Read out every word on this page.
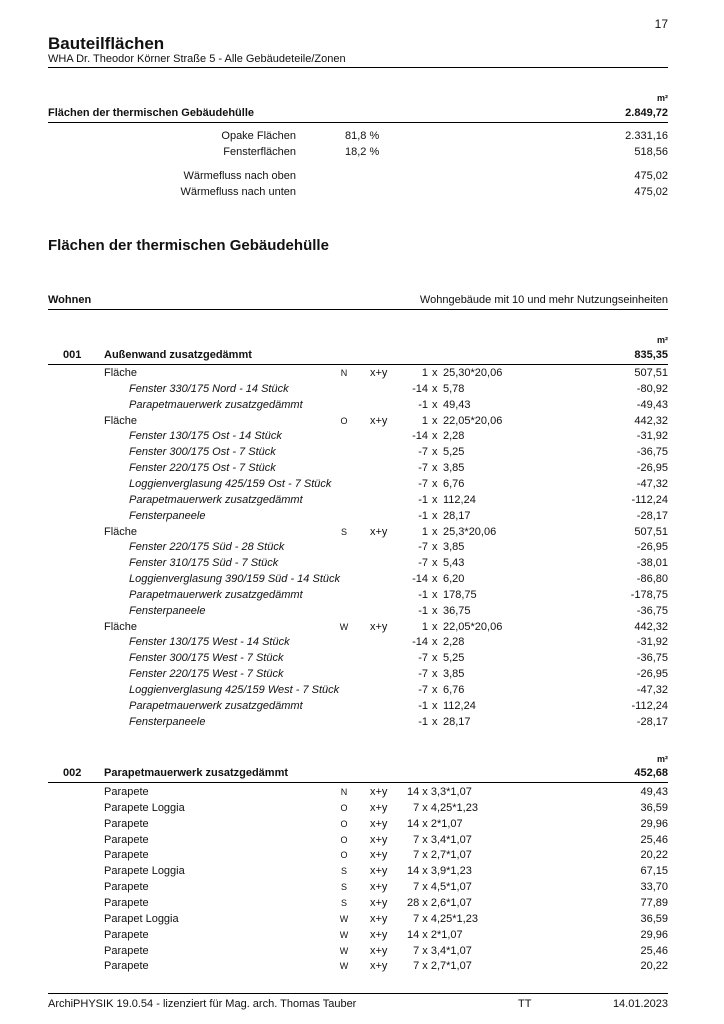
17
Bauteilflächen
WHA Dr. Theodor Körner Straße 5 - Alle Gebäudeteile/Zonen
m²
Flächen der thermischen Gebäudehülle	2.849,72
Opake Flächen	81,8 %	2.331,16
Fensterflächen	18,2 %	518,56
Wärmefluss nach oben	475,02
Wärmefluss nach unten	475,02
Flächen der thermischen Gebäudehülle
Wohnen	Wohngebäude mit 10 und mehr Nutzungseinheiten
m²
001 Außenwand zusatzgedämmt	835,35
Fläche	N x+y	1 x 25,30*20,06	507,51
Fenster 330/175 Nord - 14 Stück	-14 x 5,78	-80,92
Parapetmauerwerk zusatzgedämmt	-1 x 49,43	-49,43
Fläche	O x+y	1 x 22,05*20,06	442,32
Fenster 130/175 Ost - 14 Stück	-14 x 2,28	-31,92
Fenster 300/175 Ost - 7 Stück	-7 x 5,25	-36,75
Fenster 220/175 Ost - 7 Stück	-7 x 3,85	-26,95
Loggienverglasung 425/159 Ost - 7 Stück	-7 x 6,76	-47,32
Parapetmauerwerk zusatzgedämmt	-1 x 112,24	-112,24
Fensterpaneele	-1 x 28,17	-28,17
Fläche	S x+y	1 x 25,3*20,06	507,51
Fenster 220/175 Süd - 28 Stück	-7 x 3,85	-26,95
Fenster 310/175 Süd - 7 Stück	-7 x 5,43	-38,01
Loggienverglasung 390/159 Süd - 14 Stück	-14 x 6,20	-86,80
Parapetmauerwerk zusatzgedämmt	-1 x 178,75	-178,75
Fensterpaneele	-1 x 36,75	-36,75
Fläche	W x+y	1 x 22,05*20,06	442,32
Fenster 130/175 West - 14 Stück	-14 x 2,28	-31,92
Fenster 300/175 West - 7 Stück	-7 x 5,25	-36,75
Fenster 220/175 West - 7 Stück	-7 x 3,85	-26,95
Loggienverglasung 425/159 West - 7 Stück	-7 x 6,76	-47,32
Parapetmauerwerk zusatzgedämmt	-1 x 112,24	-112,24
Fensterpaneele	-1 x 28,17	-28,17
m²
002 Parapetmauerwerk zusatzgedämmt	452,68
Parapete	N x+y 14 x 3,3*1,07	49,43
Parapete Loggia	O x+y 7 x 4,25*1,23	36,59
Parapete	O x+y 14 x 2*1,07	29,96
Parapete	O x+y 7 x 3,4*1,07	25,46
Parapete	O x+y 7 x 2,7*1,07	20,22
Parapete Loggia	S x+y 14 x 3,9*1,23	67,15
Parapete	S x+y 7 x 4,5*1,07	33,70
Parapete	S x+y 28 x 2,6*1,07	77,89
Parapet Loggia	W x+y 7 x 4,25*1,23	36,59
Parapete	W x+y 14 x 2*1,07	29,96
Parapete	W x+y 7 x 3,4*1,07	25,46
Parapete	W x+y 7 x 2,7*1,07	20,22
ArchiPHYSIK 19.0.54 - lizenziert für Mag. arch. Thomas Tauber	TT	14.01.2023
